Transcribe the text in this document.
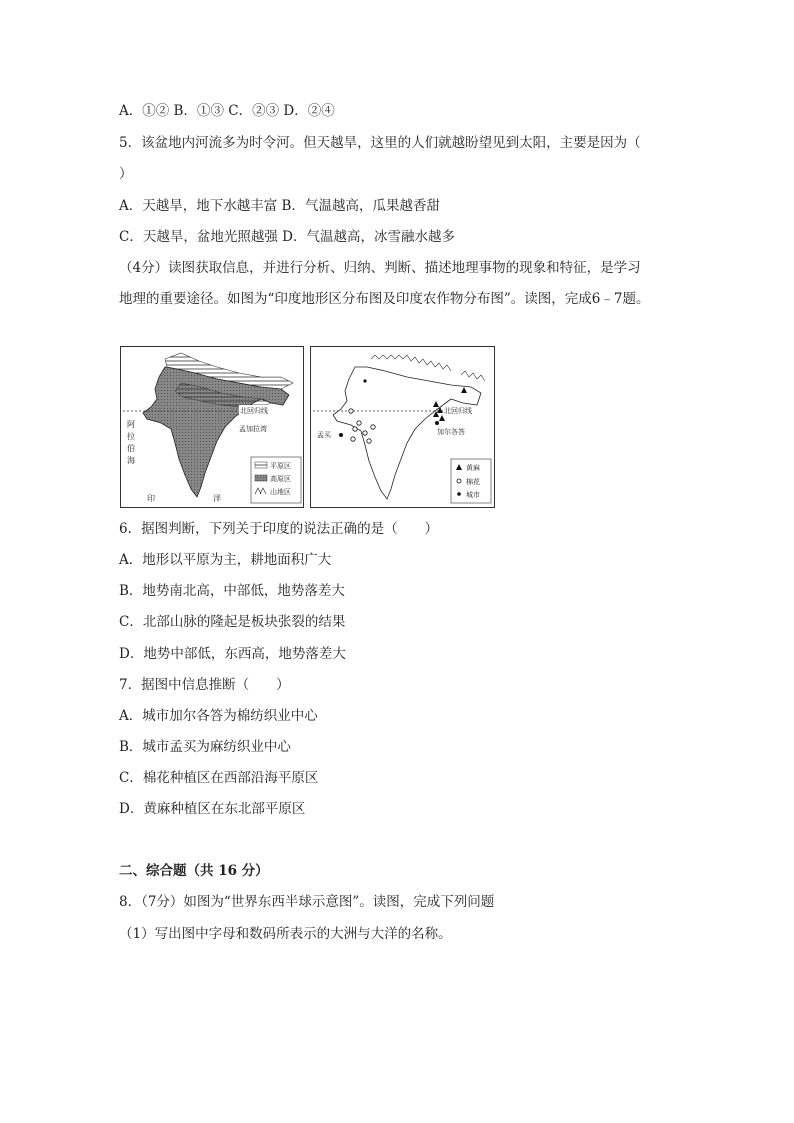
A．①② B．①③ C．②③ D．②④
5．该盆地内河流多为时令河。但天越旱，这里的人们就越盼望见到太阳，主要是因为（
）
A．天越旱，地下水越丰富 B．气温越高，瓜果越香甜
C．天越旱，盆地光照越强 D．气温越高，冰雪融水越多
（4分）读图获取信息，并进行分析、归纳、判断、描述地理事物的现象和特征，是学习
地理的重要途径。如图为“印度地形区分布图及印度农作物分布图”。读图，完成6﹣7题。
北回归线
孟加拉湾
阿
拉
伯
海
印	洋
平原区
高原区
山地区
北回归线
加尔各答
孟买
黄麻
棉花
城市
6．据图判断，下列关于印度的说法正确的是（　　）
A．地形以平原为主，耕地面积广大
B．地势南北高，中部低，地势落差大
C．北部山脉的隆起是板块张裂的结果
D．地势中部低，东西高，地势落差大
7．据图中信息推断（　　）
A．城市加尔各答为棉纺织业中心
B．城市孟买为麻纺织业中心
C．棉花种植区在西部沿海平原区
D．黄麻种植区在东北部平原区
二、综合题（共 16 分）
8．（7分）如图为“世界东西半球示意图”。读图，完成下列问题
（1）写出图中字母和数码所表示的大洲与大洋的名称。
